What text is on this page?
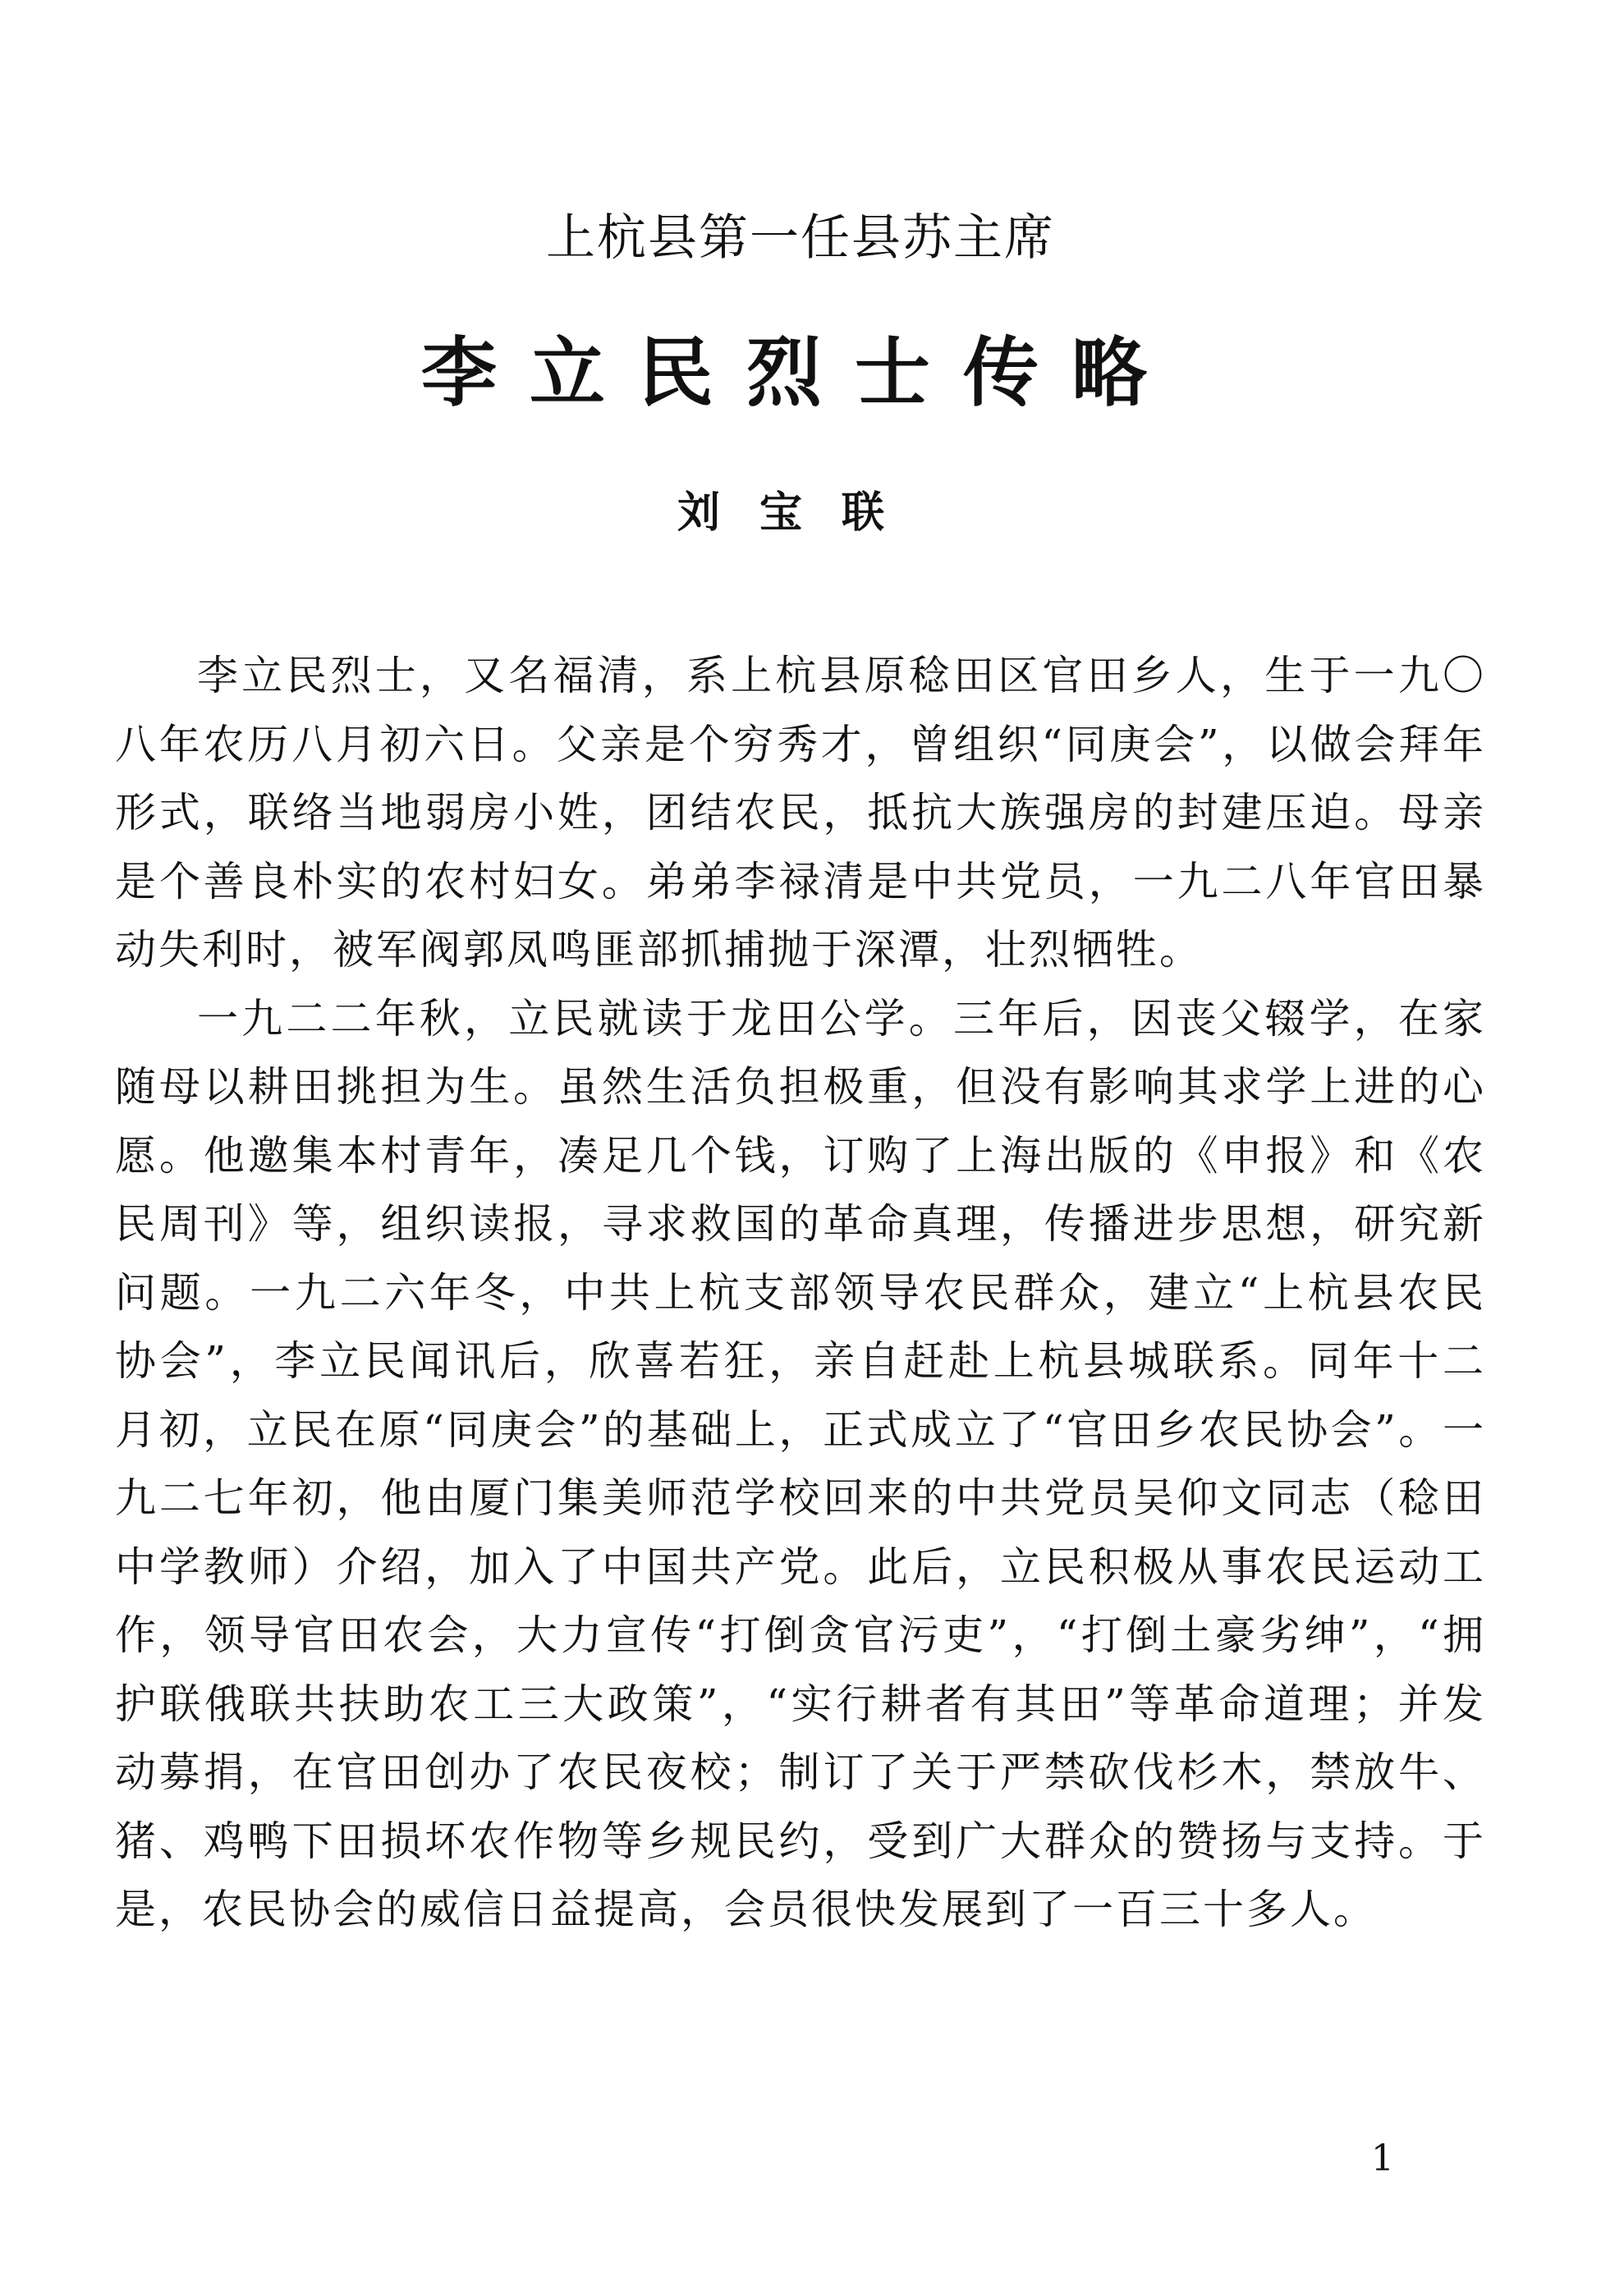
上杭县第一任县苏主席
李立民烈士传略
刘宝联

李立民烈士，又名福清，系上杭县原稔田区官田乡人，生于一九〇八年农历八月初六日。父亲是个穷秀才，曾组织“同庚会”，以做会拜年形式，联络当地弱房小姓，团结农民，抵抗大族强房的封建压迫。母亲是个善良朴实的农村妇女。弟弟李禄清是中共党员，一九二八年官田暴动失利时，被军阀郭凤鸣匪部抓捕抛于深潭，壮烈牺牲。

一九二二年秋，立民就读于龙田公学。三年后，因丧父辍学，在家随母以耕田挑担为生。虽然生活负担极重，但没有影响其求学上进的心愿。他邀集本村青年，凑足几个钱，订购了上海出版的《申报》和《农民周刊》等，组织读报，寻求救国的革命真理，传播进步思想，研究新问题。一九二六年冬，中共上杭支部领导农民群众，建立“上杭县农民协会”，李立民闻讯后，欣喜若狂，亲自赶赴上杭县城联系。同年十二月初，立民在原“同庚会”的基础上，正式成立了“官田乡农民协会”。一九二七年初，他由厦门集美师范学校回来的中共党员吴仰文同志（稔田中学教师）介绍，加入了中国共产党。此后，立民积极从事农民运动工作，领导官田农会，大力宣传“打倒贪官污吏”，“打倒土豪劣绅”，“拥护联俄联共扶助农工三大政策”，“实行耕者有其田”等革命道理；并发动募捐，在官田创办了农民夜校；制订了关于严禁砍伐杉木，禁放牛、猪、鸡鸭下田损坏农作物等乡规民约，受到广大群众的赞扬与支持。于是，农民协会的威信日益提高，会员很快发展到了一百三十多人。

1
